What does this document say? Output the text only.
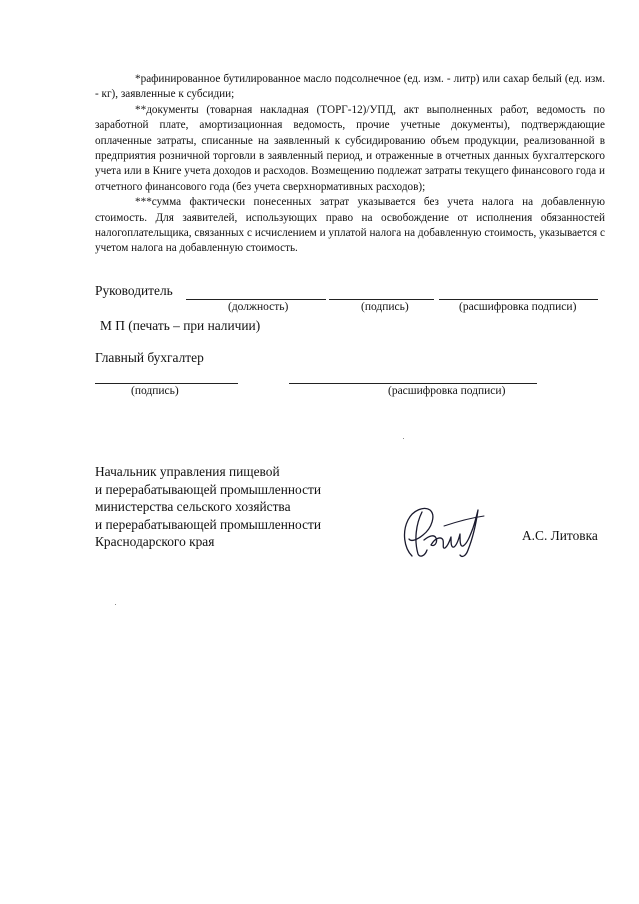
*рафинированное бутилированное масло подсолнечное (ед. изм. - литр) или сахар белый (ед. изм. - кг), заявленные к субсидии;

**документы (товарная накладная (ТОРГ-12)/УПД, акт выполненных работ, ведомость по заработной плате, амортизационная ведомость, прочие учетные документы), подтверждающие оплаченные затраты, списанные на заявленный к субсидированию объем продукции, реализованной в предприятия розничной торговли в заявленный период, и отраженные в отчетных данных бухгалтерского учета или в Книге учета доходов и расходов. Возмещению подлежат затраты текущего финансового года и отчетного финансового года (без учета сверхнормативных расходов);

***сумма фактически понесенных затрат указывается без учета налога на добавленную стоимость. Для заявителей, использующих право на освобождение от исполнения обязанностей налогоплательщика, связанных с исчислением и уплатой налога на добавленную стоимость, указывается с учетом налога на добавленную стоимость.

Руководитель
(должность)	(подпись)	(расшифровка подписи)
М П (печать – при наличии)
Главный бухгалтер
(подпись)	(расшифровка подписи)
Начальник управления пищевой
и перерабатывающей промышленности
министерства сельского хозяйства
и перерабатывающей промышленности
Краснодарского края	А.С. Литовка
